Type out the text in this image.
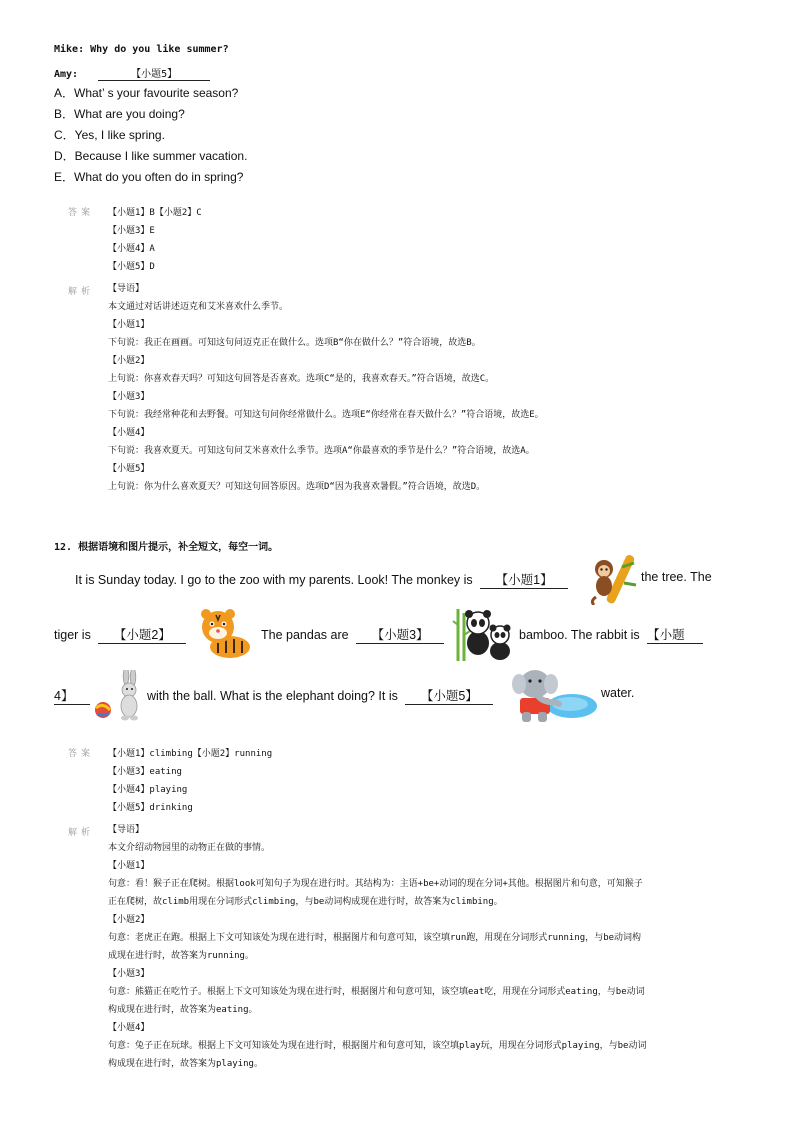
Mike: Why do you like summer?
Amy:	【小题5】
A．What’ s your favourite season?
B．What are you doing?
C．Yes, I like spring.
D．Because I like summer vacation.
E．What do you often do in spring?
答案 【小题1】B【小题2】C
【小题3】E
【小题4】A
【小题5】D
解析 【导语】
本文通过对话讲述迈克和艾米喜欢什么季节。
【小题1】
下句说：我正在画画。可知这句问迈克正在做什么。选项B“你在做什么？”符合语境，故选B。
【小题2】
上句说：你喜欢春天吗？可知这句回答是否喜欢。选项C“是的，我喜欢春天。”符合语境，故选C。
【小题3】
下句说：我经常种花和去野餐。可知这句问你经常做什么。选项E“你经常在春天做什么？”符合语境，故选E。
【小题4】
下句说：我喜欢夏天。可知这句问艾米喜欢什么季节。选项A“你最喜欢的季节是什么？”符合语境，故选A。
【小题5】
上句说：你为什么喜欢夏天？可知这句回答原因。选项D“因为我喜欢暑假。”符合语境，故选D。
12. 根据语境和图片提示，补全短文，每空一词。
It is Sunday today. I go to the zoo with my parents. Look! The monkey is 【小题1】	the tree. The
tiger is 【小题2】	The pandas are 【小题3】	bamboo. The rabbit is 【小题
4】	with the ball. What is the elephant doing? It is 【小题5】	water.
答案 【小题1】climbing【小题2】running
【小题3】eating
【小题4】playing
【小题5】drinking
解析 【导语】
本文介绍动物园里的动物正在做的事情。
【小题1】
句意：看！猴子正在爬树。根据look可知句子为现在进行时。其结构为：主语+be+动词的现在分词+其他。根据图片和句意，可知猴子
正在爬树，故climb用现在分词形式climbing，与be动词构成现在进行时，故答案为climbing。
【小题2】
句意：老虎正在跑。根据上下文可知该处为现在进行时，根据图片和句意可知，该空填run跑，用现在分词形式running，与be动词构
成现在进行时，故答案为running。
【小题3】
句意：熊猫正在吃竹子。根据上下文可知该处为现在进行时，根据图片和句意可知，该空填eat吃，用现在分词形式eating，与be动词
构成现在进行时，故答案为eating。
【小题4】
句意：兔子正在玩球。根据上下文可知该处为现在进行时，根据图片和句意可知，该空填play玩，用现在分词形式playing，与be动词
构成现在进行时，故答案为playing。
